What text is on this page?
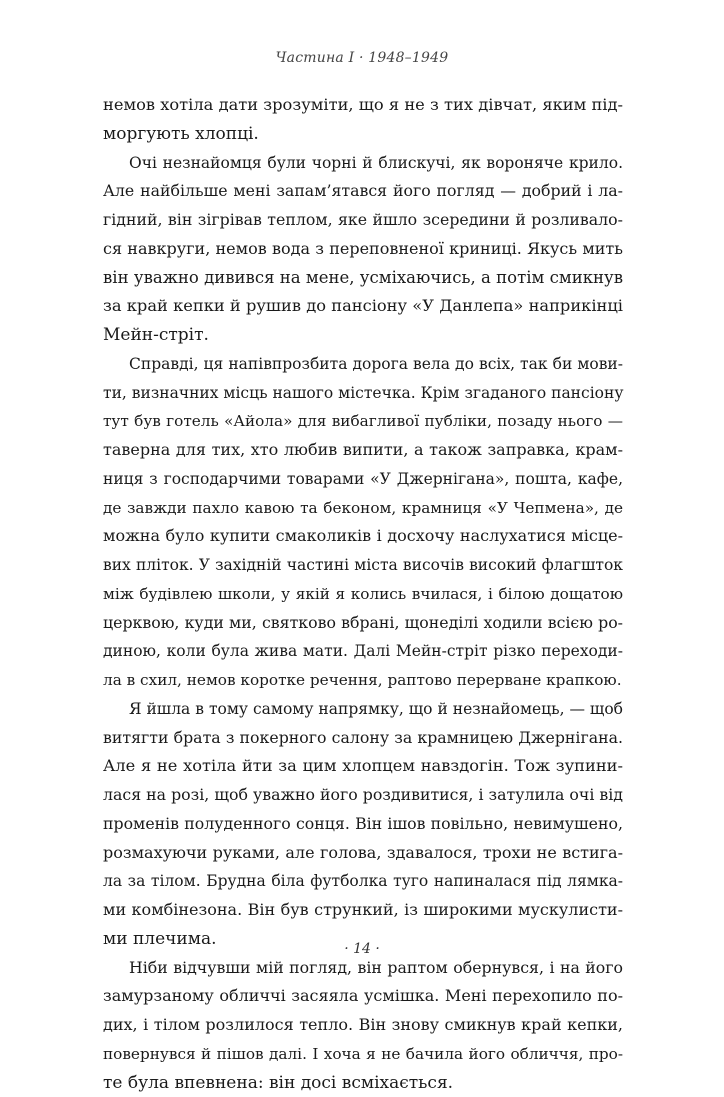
Частина І · 1948–1949
немов хотіла дати зрозуміти, що я не з тих дівчат, яким під-
моргують хлопці.
Очі незнайомця були чорні й блискучі, як вороняче крило.
Але найбільше мені запам’ятався його погляд — добрий і ла-
гідний, він зігрівав теплом, яке йшло зсередини й розливало-
ся навкруги, немов вода з переповненої криниці. Якусь мить
він уважно дивився на мене, усміхаючись, а потім смикнув
за край кепки й рушив до пансіону «У Данлепа» наприкінці
Мейн-стріт.
Справді, ця напівпрозбита дорога вела до всіх, так би мови-
ти, визначних місць нашого містечка. Крім згаданого пансіону
тут був готель «Айола» для вибагливої публіки, позаду нього —
таверна для тих, хто любив випити, а також заправка, крам-
ниця з господарчими товарами «У Джернігана», пошта, кафе,
де завжди пахло кавою та беконом, крамниця «У Чепмена», де
можна було купити смаколиків і досхочу наслухатися місце-
вих пліток. У західній частині міста височів високий флагшток
між будівлею школи, у якій я колись вчилася, і білою дощатою
церквою, куди ми, святково вбрані, щонеділі ходили всією ро-
диною, коли була жива мати. Далі Мейн-стріт різко переходи-
ла в схил, немов коротке речення, раптово перерване крапкою.
Я йшла в тому самому напрямку, що й незнайомець, — щоб
витягти брата з покерного салону за крамницею Джернігана.
Але я не хотіла йти за цим хлопцем навздогін. Тож зупини-
лася на розі, щоб уважно його роздивитися, і затулила очі від
променів полуденного сонця. Він ішов повільно, невимушено,
розмахуючи руками, але голова, здавалося, трохи не встига-
ла за тілом. Брудна біла футболка туго напиналася під лямка-
ми комбінезона. Він був стрункий, із широкими мускулисти-
ми плечима.
Ніби відчувши мій погляд, він раптом обернувся, і на його
замурзаному обличчі засяяла усмішка. Мені перехопило по-
дих, і тілом розлилося тепло. Він знову смикнув край кепки,
повернувся й пішов далі. І хоча я не бачила його обличчя, про-
те була впевнена: він досі всміхається.
· 14 ·
